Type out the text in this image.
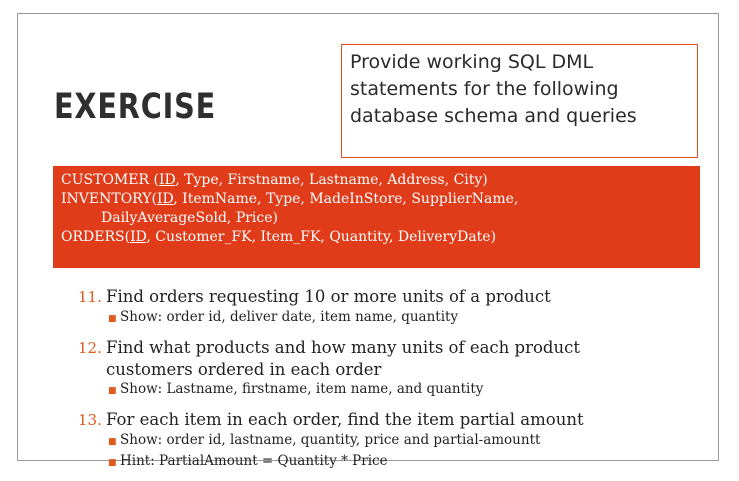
EXERCISE
Provide working SQL DML
statements for the following
database schema and queries
CUSTOMER (ID, Type, Firstname, Lastname, Address, City)
INVENTORY(ID, ItemName, Type, MadeInStore, SupplierName,
DailyAverageSold, Price)
ORDERS(ID, Customer_FK, Item_FK, Quantity, DeliveryDate)
11. Find orders requesting 10 or more units of a product
■ Show: order id, deliver date, item name, quantity
12. Find what products and how many units of each product
customers ordered in each order
■ Show: Lastname, firstname, item name, and quantity
13. For each item in each order, find the item partial amount
■ Show: order id, lastname, quantity, price and partial-amountt
■ Hint: PartialAmount = Quantity * Price
